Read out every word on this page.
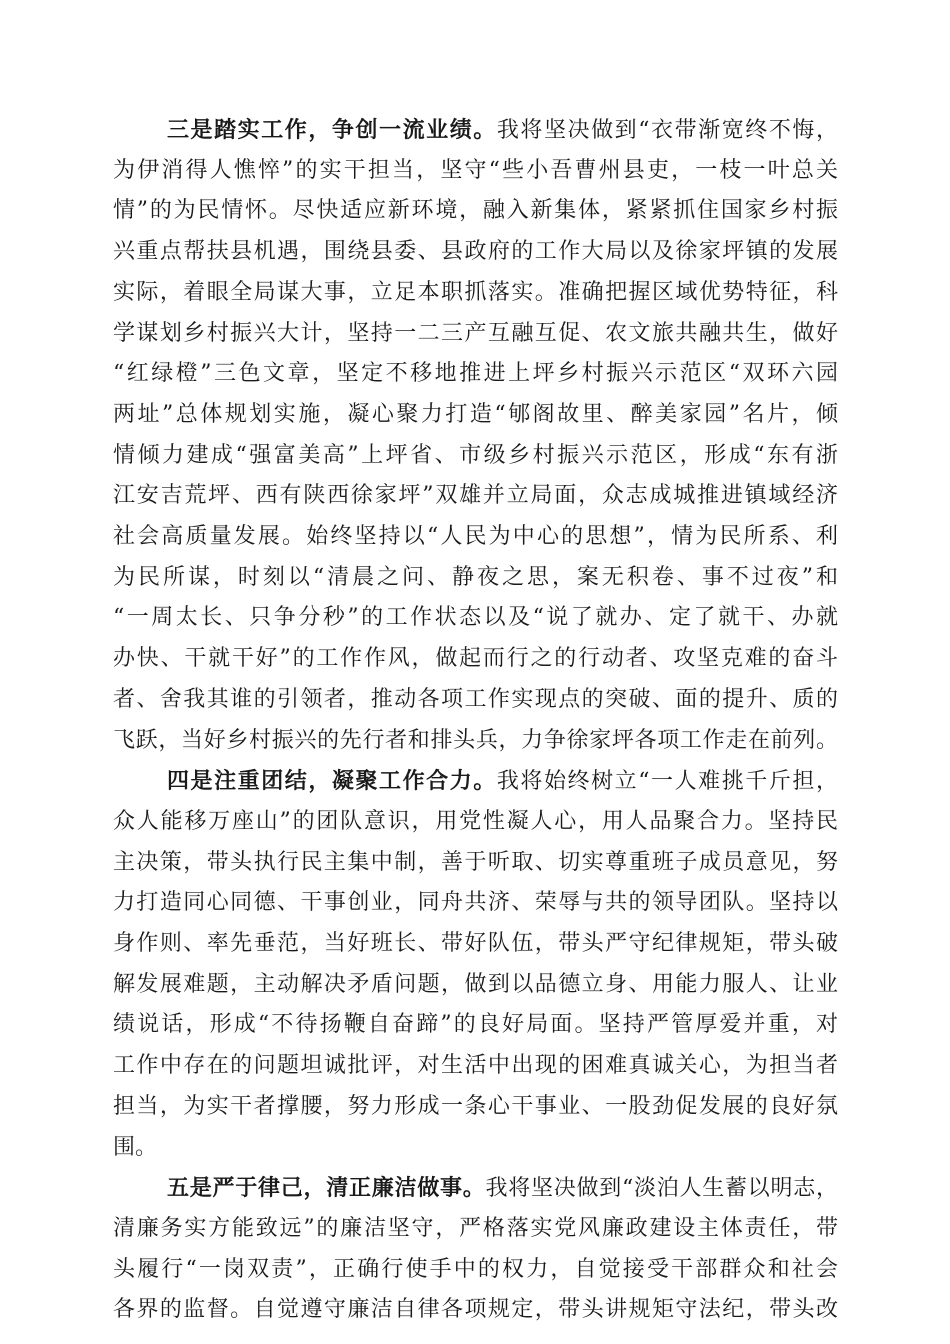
三是踏实工作，争创一流业绩。我将坚决做到“衣带渐宽终不悔，
为伊消得人憔悴”的实干担当，坚守“些小吾曹州县吏，一枝一叶总关
情”的为民情怀。尽快适应新环境，融入新集体，紧紧抓住国家乡村振
兴重点帮扶县机遇，围绕县委、县政府的工作大局以及徐家坪镇的发展
实际，着眼全局谋大事，立足本职抓落实。准确把握区域优势特征，科
学谋划乡村振兴大计，坚持一二三产互融互促、农文旅共融共生，做好
“红绿橙”三色文章，坚定不移地推进上坪乡村振兴示范区“双环六园
两址”总体规划实施，凝心聚力打造“郇阁故里、醉美家园”名片，倾
情倾力建成“强富美高”上坪省、市级乡村振兴示范区，形成“东有浙
江安吉荒坪、西有陕西徐家坪”双雄并立局面，众志成城推进镇域经济
社会高质量发展。始终坚持以“人民为中心的思想”，情为民所系、利
为民所谋，时刻以“清晨之问、静夜之思，案无积卷、事不过夜”和
“一周太长、只争分秒”的工作状态以及“说了就办、定了就干、办就
办快、干就干好”的工作作风，做起而行之的行动者、攻坚克难的奋斗
者、舍我其谁的引领者，推动各项工作实现点的突破、面的提升、质的
飞跃，当好乡村振兴的先行者和排头兵，力争徐家坪各项工作走在前列。
四是注重团结，凝聚工作合力。我将始终树立“一人难挑千斤担，
众人能移万座山”的团队意识，用党性凝人心，用人品聚合力。坚持民
主决策，带头执行民主集中制，善于听取、切实尊重班子成员意见，努
力打造同心同德、干事创业，同舟共济、荣辱与共的领导团队。坚持以
身作则、率先垂范，当好班长、带好队伍，带头严守纪律规矩，带头破
解发展难题，主动解决矛盾问题，做到以品德立身、用能力服人、让业
绩说话，形成“不待扬鞭自奋蹄”的良好局面。坚持严管厚爱并重，对
工作中存在的问题坦诚批评，对生活中出现的困难真诚关心，为担当者
担当，为实干者撑腰，努力形成一条心干事业、一股劲促发展的良好氛
围。
五是严于律己，清正廉洁做事。我将坚决做到“淡泊人生蓄以明志，
清廉务实方能致远”的廉洁坚守，严格落实党风廉政建设主体责任，带
头履行“一岗双责”，正确行使手中的权力，自觉接受干部群众和社会
各界的监督。自觉遵守廉洁自律各项规定，带头讲规矩守法纪，带头改
